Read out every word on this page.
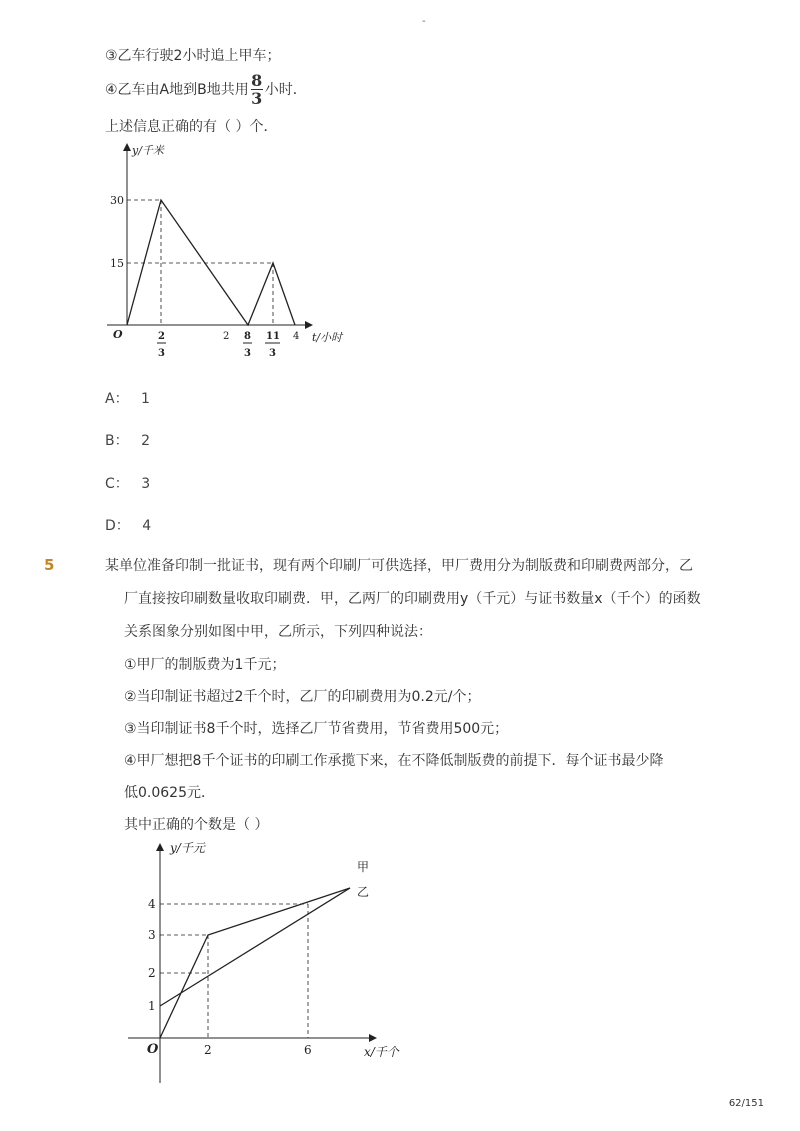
-
③乙车行驶2小时追上甲车；
④乙车由A地到B地共用 $\frac{8}{3}$ 小时．
上述信息正确的有（ ）个．
y/千米
t/小时
O
30
15
2
3
2 8
3
11
3
4
A： 1
B： 2
C： 3
D： 4
5	某单位准备印制一批证书，现有两个印刷厂可供选择，甲厂费用分为制版费和印刷费两部分，乙
厂直接按印刷数量收取印刷费．甲，乙两厂的印刷费用y（千元）与证书数量x（千个）的函数
关系图象分别如图中甲，乙所示，下列四种说法：
①甲厂的制版费为1千元；
②当印制证书超过2千个时，乙厂的印刷费用为0.2元/个；
③当印制证书8千个时，选择乙厂节省费用，节省费用500元；
④甲厂想把8千个证书的印刷工作承揽下来，在不降低制版费的前提下．每个证书最少降
低0.0625元．
其中正确的个数是（ ）
y/千元
x/千个
O
甲
乙
4
3
2
1
2	6
62/151
